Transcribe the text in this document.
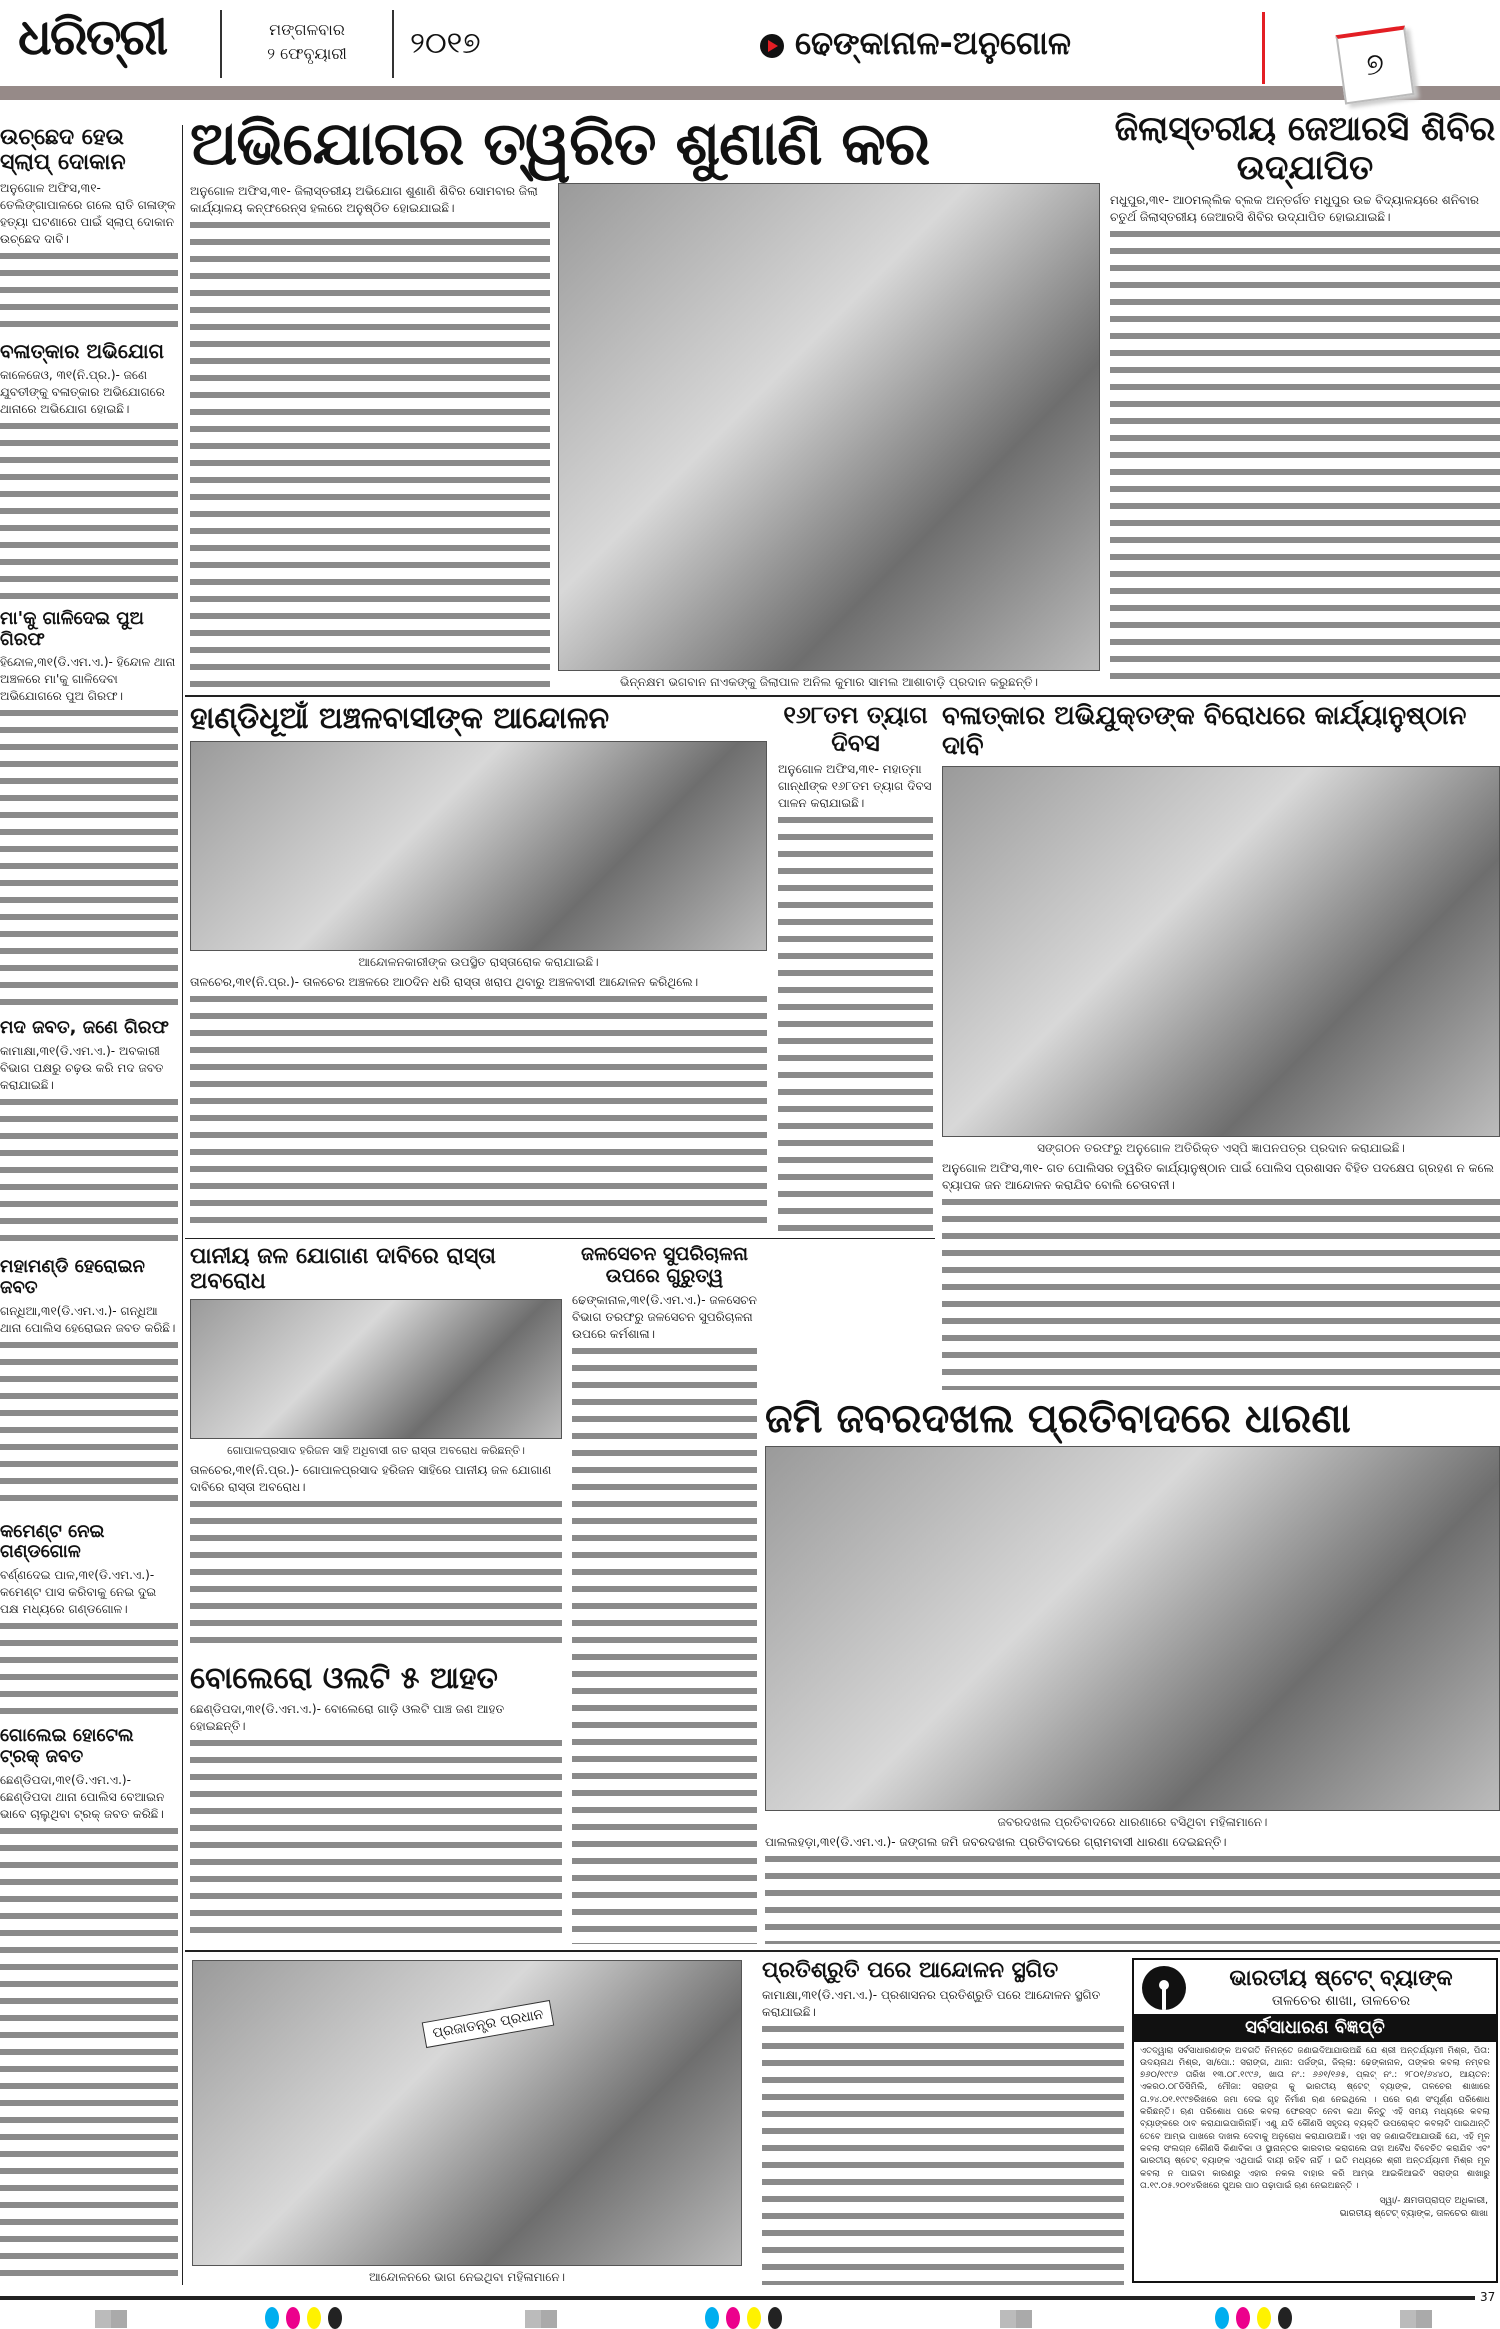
ଧରିତ୍ରୀ	ମଙ୍ଗଳବାର
୨ ଫେବୃୟାରୀ	୨୦୧୭	ଢେଙ୍କାନାଳ-ଅନୁଗୋଳ
୭
ଉଚ୍ଛେଦ ହେଉ ସ୍ଲାପ୍ ଦୋକାନ
ଅନୁଗୋଳ ଅଫିସ,୩୧- ତେଲିଙ୍ଗାପାଳରେ ଗଲେ ରାତି ଗଳାଙ୍କ ହତ୍ୟା ଘଟଣାରେ ପାଇଁ ସ୍ଲାପ୍ ଦୋକାନ ଉଚ୍ଛେଦ ଦାବି।
ବଳାତ୍କାର ଅଭିଯୋଗ
କାଳେଜେଓ, ୩୧(ନି.ପ୍ର.)- ଜଣେ ଯୁବତୀଙ୍କୁ ବଳାତ୍କାର ଅଭିଯୋଗରେ ଥାନାରେ ଅଭିଯୋଗ ହୋଇଛି।
ମା'କୁ ଗାଳିଦେଇ ପୁଅ ଗିରଫ
ହିନ୍ଦୋଳ,୩୧(ଡି.ଏମ.ଏ.)- ହିନ୍ଦୋଳ ଥାନା ଅଞ୍ଚଳରେ ମା'କୁ ଗାଳିଦେବା ଅଭିଯୋଗରେ ପୁଅ ଗିରଫ।
ମଦ ଜବତ, ଜଣେ ଗିରଫ
କାମାକ୍ଷା,୩୧(ଡି.ଏମ.ଏ.)- ଅବକାରୀ ବିଭାଗ ପକ୍ଷରୁ ଚଢ଼ଉ କରି ମଦ ଜବତ କରାଯାଇଛି।
ମହାମଣ୍ଡି ହେରୋଇନ ଜବତ
ଗନ୍ଧିଆ,୩୧(ଡି.ଏମ.ଏ.)- ଗନ୍ଧିଆ ଥାନା ପୋଲିସ ହେରୋଇନ ଜବତ କରିଛି।
କମେଣ୍ଟ ନେଇ ଗଣ୍ଡଗୋଳ
ବର୍ଣ୍ଣଦେଇ ପାଳ,୩୧(ଡି.ଏମ.ଏ.)- କମେଣ୍ଟ ପାସ କରିବାକୁ ନେଇ ଦୁଇ ପକ୍ଷ ମଧ୍ୟରେ ଗଣ୍ଡଗୋଳ।
ଗୋଲେଇ ହୋଟେଲ ଟ୍ରକ୍ ଜବତ
ଛେଣ୍ଡିପଦା,୩୧(ଡି.ଏମ.ଏ.)- ଛେଣ୍ଡିପଦା ଥାନା ପୋଲିସ ବେଆଇନ ଭାବେ ଚାଲୁଥିବା ଟ୍ରକ୍ ଜବତ କରିଛି।
ଅଭିଯୋଗର ତ୍ୱରିତ ଶୁଣାଣି କର
ଅନୁଗୋଳ ଅଫିସ,୩୧- ଜିଲାସ୍ତରୀୟ ଅଭିଯୋଗ ଶୁଣାଣି ଶିବିର ସୋମବାର ଜିଲା କାର୍ଯ୍ୟାଳୟ କନ୍ଫରେନ୍ସ ହଲରେ ଅନୁଷ୍ଠିତ ହୋଇଯାଇଛି।
ଭିନ୍ନକ୍ଷମ ଭଗବାନ ନାଏକଙ୍କୁ ଜିଲାପାଳ ଅନିଲ କୁମାର ସାମଲ ଆଶାବାଡ଼ି ପ୍ରଦାନ କରୁଛନ୍ତି।
ଜିଲାସ୍ତରୀୟ ଜେଆରସି ଶିବିର ଉଦ୍‌ଯାପିତ
ମଧୁପୁର,୩୧- ଆଠମଲ୍ଲିକ ବ୍ଲକ ଅନ୍ତର୍ଗତ ମଧୁପୁର ଉଚ୍ଚ ବିଦ୍ୟାଳୟରେ ଶନିବାର ଚତୁର୍ଥ ଜିଲାସ୍ତରୀୟ ଜେଆରସି ଶିବିର ଉଦ୍‌ଯାପିତ ହୋଇଯାଇଛି।
ହାଣ୍ଡିଧୂଆଁ ଅଞ୍ଚଳବାସୀଙ୍କ ଆନ୍ଦୋଳନ
ଆନ୍ଦୋଳନକାରୀଙ୍କ ଉପସ୍ଥିତ ରାସ୍ତାରୋକ କରାଯାଇଛି।
ତାଳଚେର,୩୧(ନି.ପ୍ର.)- ତାଳଚେର ଅଞ୍ଚଳରେ ଆଠଦିନ ଧରି ରାସ୍ତା ଖରାପ ଥିବାରୁ ଅଞ୍ଚଳବାସୀ ଆନ୍ଦୋଳନ କରିଥିଲେ।
୧୬୮ତମ ତ୍ୟାଗ ଦିବସ
ଅନୁଗୋଳ ଅଫିସ,୩୧- ମହାତ୍ମା ଗାନ୍ଧୀଙ୍କ ୧୬୮ତମ ତ୍ୟାଗ ଦିବସ ପାଳନ କରାଯାଇଛି।
ବଳାତ୍କାର ଅଭିଯୁକ୍ତଙ୍କ ବିରୋଧରେ କାର୍ଯ୍ୟାନୁଷ୍ଠାନ ଦାବି
ସଙ୍ଗଠନ ତରଫରୁ ଅନୁଗୋଳ ଅତିରିକ୍ତ ଏସ୍‌ପି ଜ୍ଞାପନପତ୍ର ପ୍ରଦାନ କରାଯାଇଛି।
ଅନୁଗୋଳ ଅଫିସ,୩୧- ଗତ ପୋଲିସର ତ୍ୱରିତ କାର୍ଯ୍ୟାନୁଷ୍ଠାନ ପାଇଁ ପୋଲିସ ପ୍ରଶାସନ ବିହିତ ପଦକ୍ଷେପ ଗ୍ରହଣ ନ କଲେ ବ୍ୟାପକ ଜନ ଆନ୍ଦୋଳନ କରାଯିବ ବୋଲି ଚେତାବନୀ।
ପାନୀୟ ଜଳ ଯୋଗାଣ ଦାବିରେ ରାସ୍ତା ଅବରୋଧ
ଗୋପାଳପ୍ରସାଦ ହରିଜନ ସାହି ଅଧିବାସୀ ଗତ ରାସ୍ତା ଅବରୋଧ କରିଛନ୍ତି।
ତାଳଚେର,୩୧(ନି.ପ୍ର.)- ଗୋପାଳପ୍ରସାଦ ହରିଜନ ସାହିରେ ପାନୀୟ ଜଳ ଯୋଗାଣ ଦାବିରେ ରାସ୍ତା ଅବରୋଧ।
ବୋଲେରୋ ଓଲଟି ୫ ଆହତ
ଛେଣ୍ଡିପଦା,୩୧(ଡି.ଏମ.ଏ.)- ବୋଲେରୋ ଗାଡ଼ି ଓଲଟି ପାଞ୍ଚ ଜଣ ଆହତ ହୋଇଛନ୍ତି।
ଜଳସେଚନ ସୁପରିଚାଳନା ଉପରେ ଗୁରୁତ୍ୱ
ଢେଙ୍କାନାଳ,୩୧(ଡି.ଏମ.ଏ.)- ଜଳସେଚନ ବିଭାଗ ତରଫରୁ ଜଳସେଚନ ସୁପରିଚାଳନା ଉପରେ କର୍ମଶାଳା।
ଜମି ଜବରଦଖଲ ପ୍ରତିବାଦରେ ଧାରଣା
ଜବରଦଖଲ ପ୍ରତିବାଦରେ ଧାରଣାରେ ବସିଥିବା ମହିଳାମାନେ।
ପାଲଲହଡ଼ା,୩୧(ଡି.ଏମ.ଏ.)- ଜଙ୍ଗଲ ଜମି ଜବରଦଖଲ ପ୍ରତିବାଦରେ ଗ୍ରାମବାସୀ ଧାରଣା ଦେଇଛନ୍ତି।
ପ୍ରଜାତନ୍ତ୍ର ପ୍ରଧାନ
ଆନ୍ଦୋଳନରେ ଭାଗ ନେଇଥିବା ମହିଳାମାନେ।
ପ୍ରତିଶ୍ରୁତି ପରେ ଆନ୍ଦୋଳନ ସ୍ଥଗିତ
କାମାକ୍ଷା,୩୧(ଡି.ଏମ.ଏ.)- ପ୍ରଶାସନର ପ୍ରତିଶ୍ରୁତି ପରେ ଆନ୍ଦୋଳନ ସ୍ଥଗିତ କରାଯାଇଛି।
ଭାରତୀୟ ଷ୍ଟେଟ୍ ବ୍ୟାଙ୍କ
ତାଳଚେର ଶାଖା, ତାଳଚେର
ସର୍ବସାଧାରଣ ବିଜ୍ଞପ୍ତି
ଏତଦ୍ୱାରା ସର୍ବସାଧାରଣଙ୍କ ଅବଗତି ନିମନ୍ତେ ଜଣାଇଦିଆଯାଉଅଛି ଯେ ଶ୍ରୀ ଅନ୍ତର୍ଯ୍ୟାମୀ ମିଶ୍ର, ପିତା: ଉଦୟନାଥ ମିଶ୍ର, ସା/ପୋ.: ସରାଙ୍ଗ, ଥାନା: ପର୍ଜଙ୍ଗ, ଜିଲ୍ଲା: ଢେଙ୍କାନାଳ, ତାଙ୍କର କବଲା ନମ୍ବର ୭୬୦/୧୯୯୬ ତାରିଖ ୧୩.୦୮.୧୯୯୬, ଖାତା ନଂ.: ୬୬୧/୧୬୫, ପ୍ଲଟ୍ ନଂ.: ୨୮୦୧/୬୪୪୦, ଆୟତନ: ଏକର୦.୦୮ଡିସିମିଲି, ମୌଜା: ସରାଙ୍ଗ କୁ ଭାରତୀୟ ଷ୍ଟେଟ୍ ବ୍ୟାଙ୍କ, ତାଳଚେର ଶାଖାରେ ତା.୨୪.୦୧.୧୯୯୭ରିଖରେ ଜମା ଦେଇ ଗୃହ ନିର୍ମାଣ ଋଣ ନେଇଥିଲେ । ପରେ ଋଣ ସଂପୂର୍ଣ୍ଣ ପରିଶୋଧ କରିଛନ୍ତି। ଋଣ ପରିଶୋଧ ପରେ କବଲା ଫେରସ୍ତ ନେବା କଥା କିନ୍ତୁ ଏହି ସମୟ ମଧ୍ୟରେ କବଲା ବ୍ୟାଙ୍କରେ ଠାବ କରାଯାଇପାରିନାହିଁ। ଏଣୁ ଯଦି କୌଣସି ସହୃଦୟ ବ୍ୟକ୍ତି ଉପରୋକ୍ତ କବଲାଟି ପାଇଥାନ୍ତି ତେବେ ଆମ୍ଭ ପାଖରେ ଦାଖଲ ଦେବାକୁ ଅନୁରୋଧ କରାଯାଉଅଛି। ଏହା ସହ ଜଣାଇଦିଆଯାଉଛି ଯେ, ଏହି ମୂଳ କବଲା ସଂଲଗ୍ନ କୌଣସି କିଣାବିକା ଓ ସ୍ଥାନାନ୍ତର କାରବାର କରାଗଲେ ତାହା ଅବୈଧ ବିବେଚିତ କରାଯିବ ଏବଂ ଭାରତୀୟ ଷ୍ଟେଟ୍ ବ୍ୟାଙ୍କ ଏଥିପାଇଁ ଦାୟୀ ରହିବ ନାହିଁ । ଇତି ମଧ୍ୟରେ ଶ୍ରୀ ଅନ୍ତର୍ଯ୍ୟାମୀ ମିଶ୍ର ମୂଳ କବଲା ନ ପାଇବା କାରଣରୁ ଏହାର ନକଲ ବାହାର କରି ଆମ୍ଭ ଆଇକିଆଇଟି ସରାଙ୍ଗ ଶାଖାରୁ ତା.୧୯.୦୫.୨୦୧୪ରିଖରେ ପୁଅର ପାଠ ପଢ଼ାପାଇଁ ଋଣ ନେଇଅଛନ୍ତି ।
ସ୍ୱା/- କ୍ଷମତାପ୍ରାପ୍ତ ଅଧିକାରୀ,
ଭାରତୀୟ ଷ୍ଟେଟ୍ ବ୍ୟାଙ୍କ, ତାଳଚେର ଶାଖା
37
